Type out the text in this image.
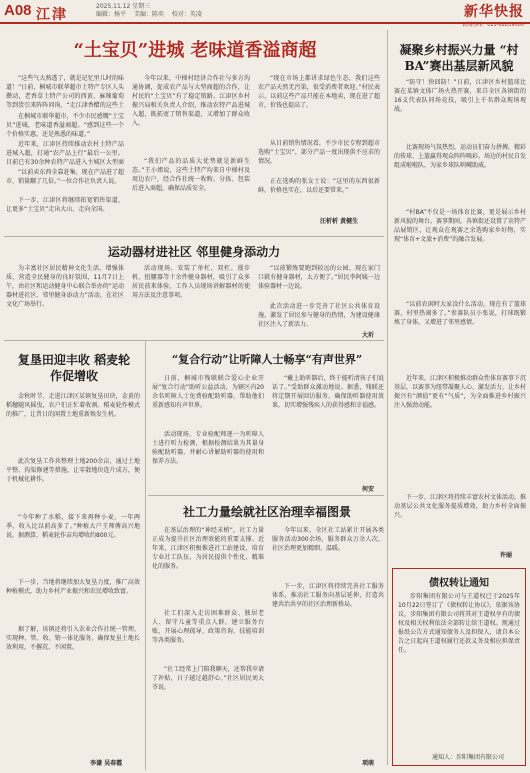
A08 江津
2025.11.12 星期三
编辑：杨平 美编：陈奕 校对：英凌	新华快报
新闻热线：023-62839000
“土宝贝”进城 老味道香溢商超
“这些气大熟透了，就是记忆里儿时的味道！”日前，桐城市联华超市土特产专区人头攒动，老香草土特产公司的西黄、麻辣葡萄等到货引来阵阵问询，“走江津香醋的这些土
在桐城市联华超市，不少市民感慨“土宝贝”进城，老味道香溢商超。“感到这些一个个价格实惠，还是熟悉的味道。”
近年来，江津区持续推动农村土特产品进城入超，打通“农产品上行”最后一公里。目前已有30余种农特产品进入主城区大型商
“以前卖东西全靠赶集，现在产品进了超市，销量翻了几倍。”一位合作社负责人说。
下一步，江津区将继续拓宽销售渠道，让更多“土宝贝”走出大山、走向全国。
今年以来，中梯村经济合作社与多方沟通协调，促成农产品与大型商超的合作，让村民的“土宝贝”有了稳定销路。江津区乡村振兴局相关负责人介绍，推动农特产品进城入超，既拓宽了销售渠道，又增加了群众收入。
“我们产品的品质大优势就是新鲜生态。”王小姐说，这些土特产均来自中梯村及周边农户，经合作社统一收购、分拣、包装后进入商超，确保品质安全。
“现在市场上都讲求绿色生态，我们这些农产品天然无污染，很受消费者欢迎。”村民表示，以前这些产品只能在本地卖，现在进了超市，价钱也提高了。
从目前销售情况看，不少市民专程到超市选购“土宝贝”，部分产品一度出现供不应求的情况。
正在选购的张女士说：“这里的东西很新鲜，价格也实在，以后还要常来。”
汪析析 黄健生
运动器材进社区 邻里健身添动力
为丰富社区居民精神文化生活，增强体质，营造全民健身的良好氛围，11月7日上午，由社区和运动健身中心联合举办的“运动器材进社区、邻里健身添动力”活动，在社区文化广场举行。
活动现场，安装了单杠、双杠、漫步机、扭腰器等十余件健身器材，吸引了众多居民前来体验。工作人员现场讲解器材的使用方法及注意事项。
“以前锻炼要跑到较远的公园，现在家门口就有健身器材，太方便了。”居民李阿姨一边体验器材一边说。
此次活动进一步完善了社区公共体育设施，激发了居民参与健身的热情，为建设健康社区注入了新活力。
大圻
复垦田迎丰收 稻麦轮作促增收
金秋时节，走进江津区某镇复垦田块，金黄的稻穗随风摇曳，农户们正忙着收割。稻麦轮作模式的推广，让昔日的闲置土地重新焕发生机。
此次复垦工作共整理土地200余亩，通过土地平整、沟渠修建等措施，让零散地块连片成方，便于机械化耕作。
“今年种了水稻，接下来再种小麦，一年两季，收入比以前高多了。”种植大户王师傅高兴地说。据测算，稻麦轮作亩均增收约800元。
下一步，当地将继续加大复垦力度，推广高效种植模式，助力乡村产业振兴和农民增收致富。
据了解，该镇还将引入农业合作社统一管理，实现种、管、收、销一体化服务，确保复垦土地长效利用，不撂荒、不闲置。
李谦 吴春霞
“复合行动”让听障人士畅享“有声世界”
日前，桐城市残联联合爱心企业开展“复合行动”助听公益活动，为辖区内20余名听障人士免费验配助听器，帮助他们重新感知有声世界。
活动现场，专业验配师逐一为听障人士进行听力检测，根据检测结果为其量身验配助听器，并耐心讲解助听器的使用和保养方法。
“戴上助听器后，终于能听清孩子们说话了。”受助群众激动地说。据悉，残联还将定期开展回访服务，确保助听器使用效果，切实增强残疾人的获得感和幸福感。
何安
社工力量绘就社区治理幸福图景
在基层治理的“神经末梢”，社工力量正成为提升社区治理效能的重要支撑。近年来，江津区积极推进社工站建设，培育专业社工队伍，为居民提供个性化、精准化的服务。
社工们深入走访困难群众、独居老人、留守儿童等重点人群，建立服务台账，开展心理疏导、政策咨询、技能培训等各类服务。
“社工经常上门陪我聊天，还帮我申请了补贴，日子越过越舒心。”社区居民刘大爷说。
今年以来，全区社工站累计开展各类服务活动300余场，服务群众万余人次，社区治理更加精细、温暖。
下一步，江津区将持续完善社工服务体系，推动社工服务向基层延伸，打造共建共治共享的社区治理新格局。
项萌
凝聚乡村振兴力量 “村BA”赛出基层新风貌
“防守！快回防！”日前，江津区乡村篮球比赛在某镇文体广场火热开赛，来自全区各镇街的16支代表队同场竞技，吸引上千名群众现场观战。
比赛现场气氛热烈，运动员们奋力拼搏，精彩的传球、上篮赢得观众阵阵喝彩。场边的村民自发组成啦啦队，为家乡球队呐喊助威。
“村BA”不仅是一场体育比赛，更是展示乡村新风貌的舞台。赛事期间，各镇街还设置了农特产品展销区，让观众在观赛之余选购家乡好物，实现“体育+文旅+消费”的融合发展。
“以前农闲时大家没什么活动，现在有了篮球赛，村里热闹多了。”参赛队员小张说，打球既锻炼了身体，又增进了邻里感情。
近年来，江津区积极推动群众性体育赛事下沉基层，以赛事为纽带凝聚人心、激发活力，让乡村振兴有“颜值”更有“气质”，为全面推进乡村振兴注入强劲动能。
下一步，江津区将持续丰富农村文体活动，推动基层公共文化服务提质增效，助力乡村全面振兴。
许丽
债权转让通知
步阳集团有限公司与王道权已于2025年10月22日签订了《债权转让协议》，依据该协议，步阳集团有限公司将其对王道权享有的债权及相关权利依法全部转让给王道权。现通过报纸公告方式通知债务人及担保人，请自本公告之日起向王道权履行还款义务及相应担保责任。
通知人：步阳集团有限公司
